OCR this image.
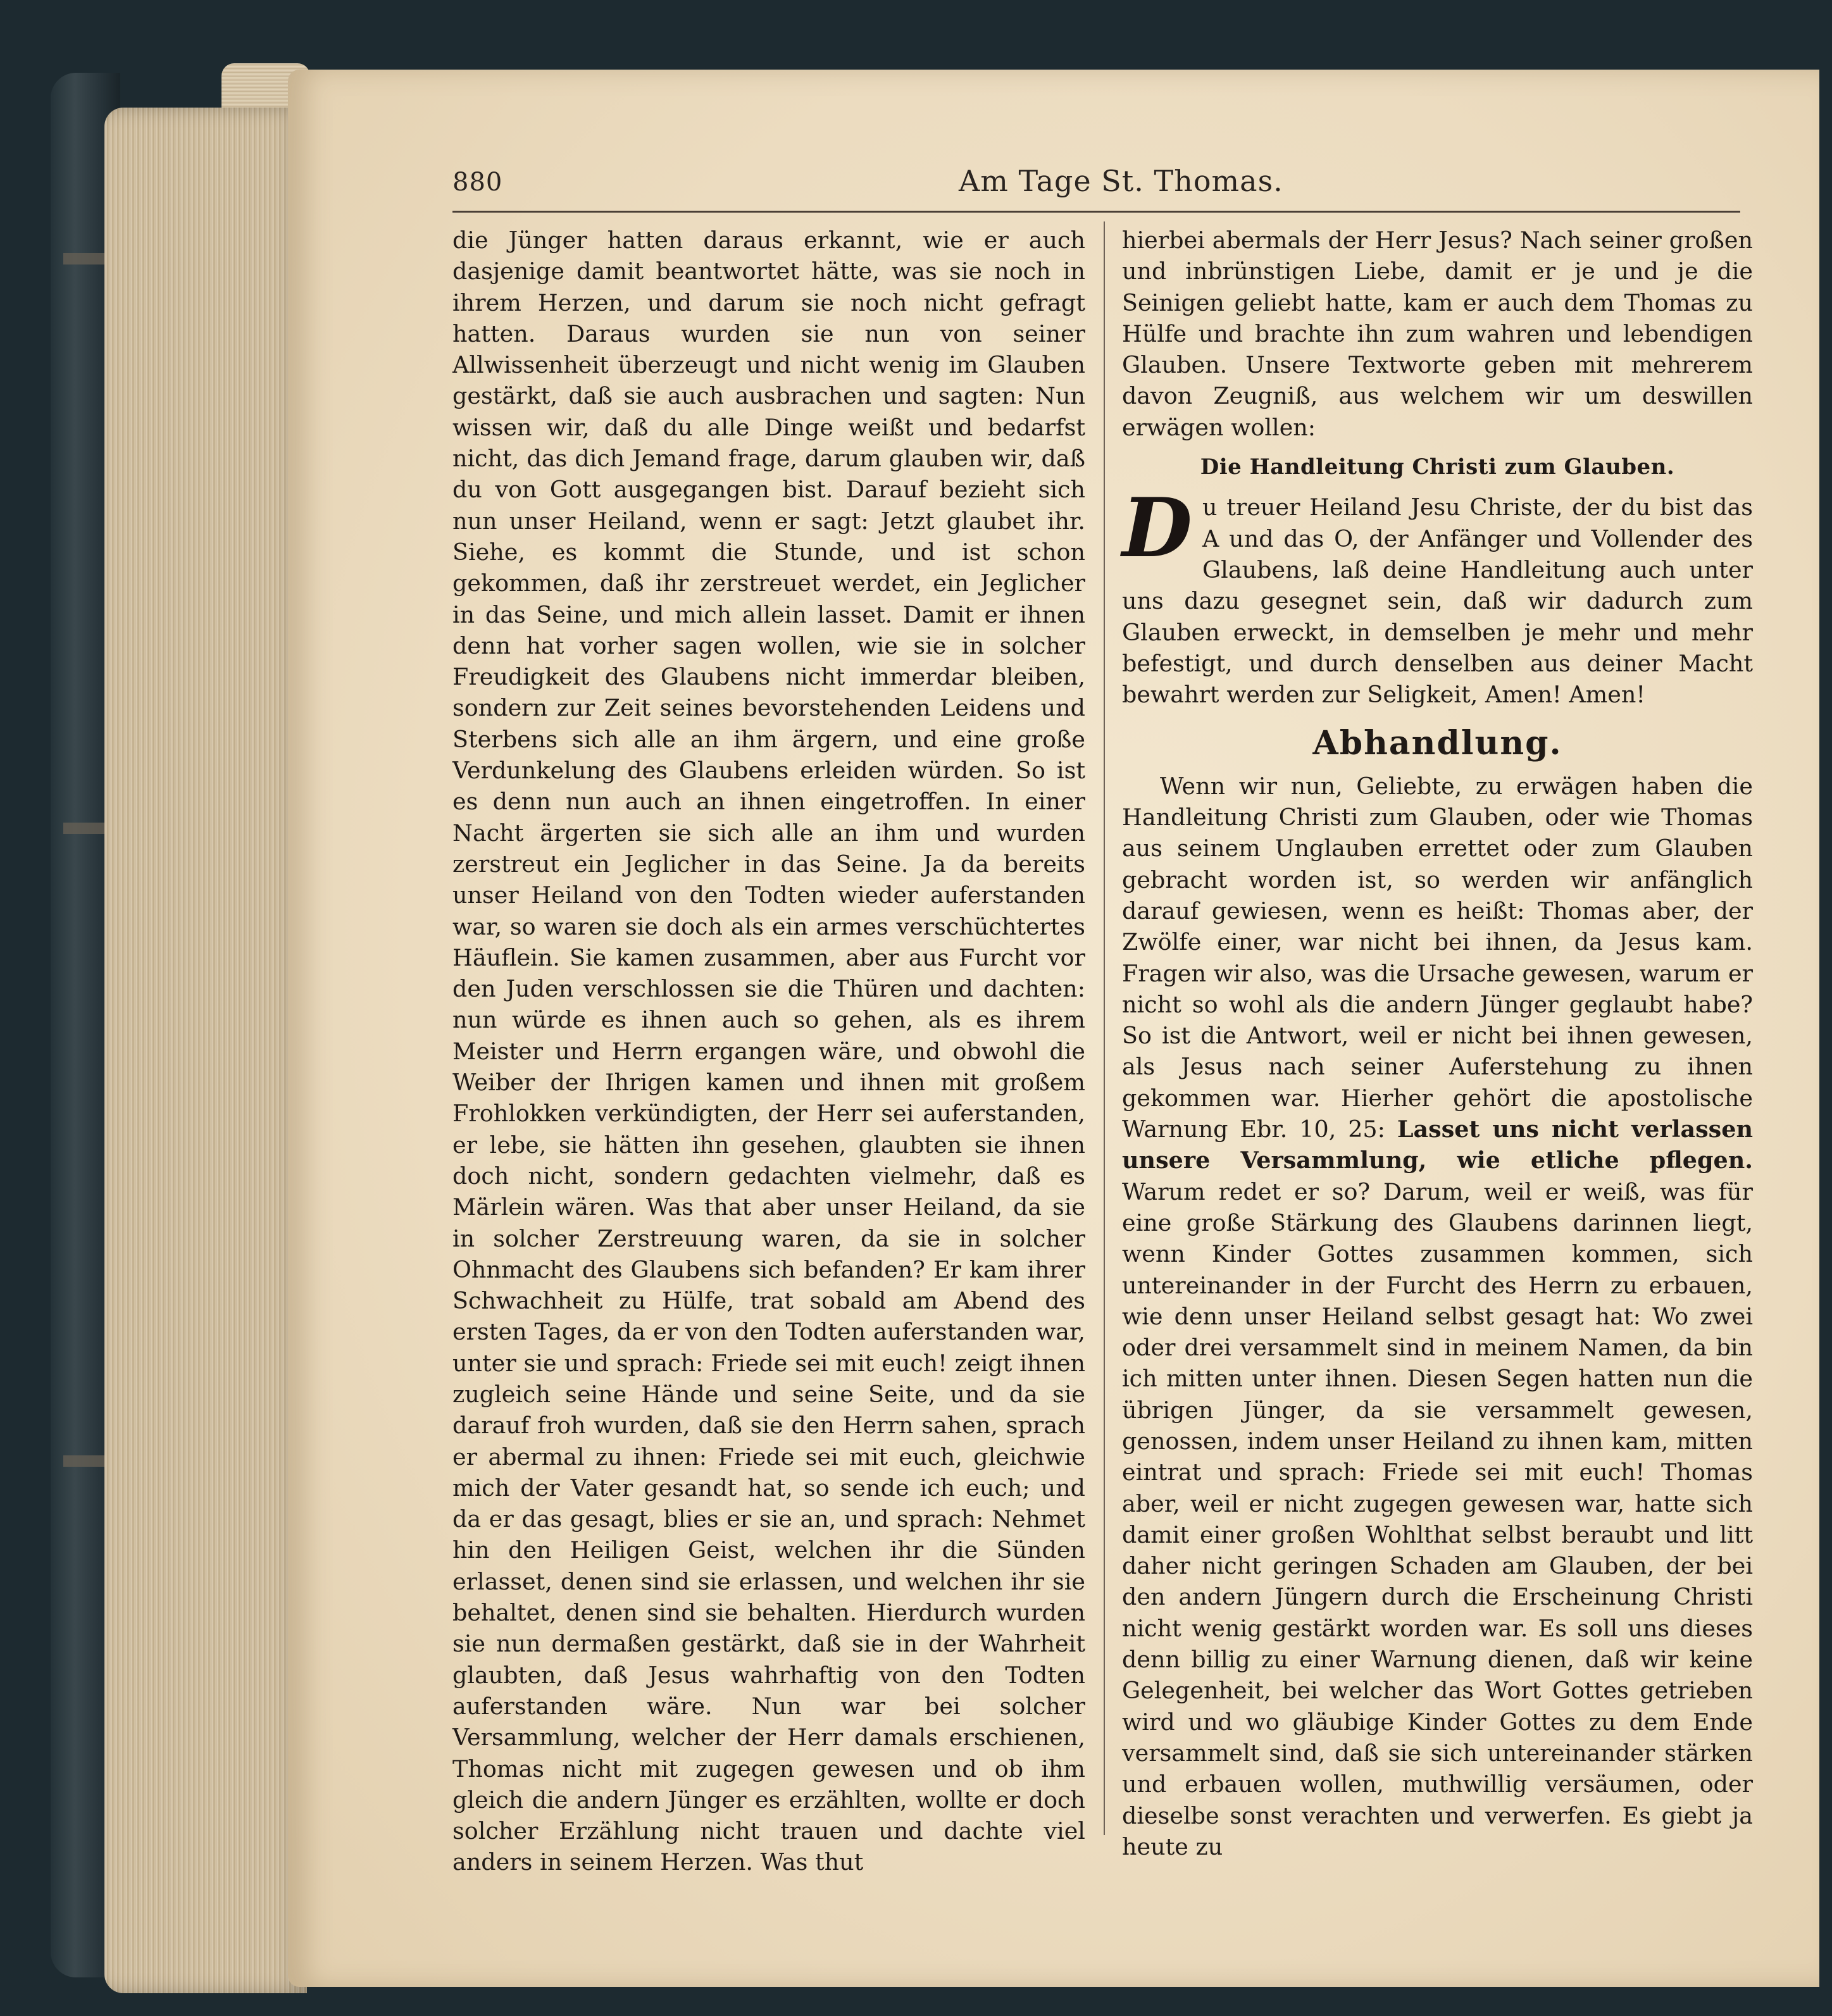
880	Am Tage St. Thomas.

die Jünger hatten daraus erkannt, wie er auch dasjenige damit beantwortet hätte, was sie noch in ihrem Herzen, und darum sie noch nicht gefragt hatten. Daraus wurden sie nun von seiner Allwissenheit überzeugt und nicht wenig im Glauben gestärkt, daß sie auch ausbrachen und sagten: Nun wissen wir, daß du alle Dinge weißt und bedarfst nicht, das dich Jemand frage, darum glauben wir, daß du von Gott ausgegangen bist. Darauf bezieht sich nun unser Heiland, wenn er sagt: Jetzt glaubet ihr. Siehe, es kommt die Stunde, und ist schon gekommen, daß ihr zerstreuet werdet, ein Jeglicher in das Seine, und mich allein lasset. Damit er ihnen denn hat vorher sagen wollen, wie sie in solcher Freudigkeit des Glaubens nicht immerdar bleiben, sondern zur Zeit seines bevorstehenden Leidens und Sterbens sich alle an ihm ärgern, und eine große Verdunkelung des Glaubens erleiden würden. So ist es denn nun auch an ihnen eingetroffen. In einer Nacht ärgerten sie sich alle an ihm und wurden zerstreut ein Jeglicher in das Seine. Ja da bereits unser Heiland von den Todten wieder auferstanden war, so waren sie doch als ein armes verschüchtertes Häuflein. Sie kamen zusammen, aber aus Furcht vor den Juden verschlossen sie die Thüren und dachten: nun würde es ihnen auch so gehen, als es ihrem Meister und Herrn ergangen wäre, und obwohl die Weiber der Ihrigen kamen und ihnen mit großem Frohlokken verkündigten, der Herr sei auferstanden, er lebe, sie hätten ihn gesehen, glaubten sie ihnen doch nicht, sondern gedachten vielmehr, daß es Märlein wären. Was that aber unser Heiland, da sie in solcher Zerstreuung waren, da sie in solcher Ohnmacht des Glaubens sich befanden? Er kam ihrer Schwachheit zu Hülfe, trat sobald am Abend des ersten Tages, da er von den Todten auferstanden war, unter sie und sprach: Friede sei mit euch! zeigt ihnen zugleich seine Hände und seine Seite, und da sie darauf froh wurden, daß sie den Herrn sahen, sprach er abermal zu ihnen: Friede sei mit euch, gleichwie mich der Vater gesandt hat, so sende ich euch; und da er das gesagt, blies er sie an, und sprach: Nehmet hin den Heiligen Geist, welchen ihr die Sünden erlasset, denen sind sie erlassen, und welchen ihr sie behaltet, denen sind sie behalten. Hierdurch wurden sie nun dermaßen gestärkt, daß sie in der Wahrheit glaubten, daß Jesus wahrhaftig von den Todten auferstanden wäre. Nun war bei solcher Versammlung, welcher der Herr damals erschienen, Thomas nicht mit zugegen gewesen und ob ihm gleich die andern Jünger es erzählten, wollte er doch solcher Erzählung nicht trauen und dachte viel anders in seinem Herzen. Was thut

hierbei abermals der Herr Jesus? Nach seiner großen und inbrünstigen Liebe, damit er je und je die Seinigen geliebt hatte, kam er auch dem Thomas zu Hülfe und brachte ihn zum wahren und lebendigen Glauben. Unsere Textworte geben mit mehrerem davon Zeugniß, aus welchem wir um deswillen erwägen wollen:

Die Handleitung Christi zum Glauben.

D u treuer Heiland Jesu Christe, der du bist das A und das O, der Anfänger und Vollender des Glaubens, laß deine Handleitung auch unter uns dazu gesegnet sein, daß wir dadurch zum Glauben erweckt, in demselben je mehr und mehr befestigt, und durch denselben aus deiner Macht bewahrt werden zur Seligkeit, Amen! Amen!

Abhandlung.

Wenn wir nun, Geliebte, zu erwägen haben die Handleitung Christi zum Glauben, oder wie Thomas aus seinem Unglauben errettet oder zum Glauben gebracht worden ist, so werden wir anfänglich darauf gewiesen, wenn es heißt: Thomas aber, der Zwölfe einer, war nicht bei ihnen, da Jesus kam. Fragen wir also, was die Ursache gewesen, warum er nicht so wohl als die andern Jünger geglaubt habe? So ist die Antwort, weil er nicht bei ihnen gewesen, als Jesus nach seiner Auferstehung zu ihnen gekommen war. Hierher gehört die apostolische Warnung Ebr. 10, 25: Lasset uns nicht verlassen unsere Versammlung, wie etliche pflegen. Warum redet er so? Darum, weil er weiß, was für eine große Stärkung des Glaubens darinnen liegt, wenn Kinder Gottes zusammen kommen, sich untereinander in der Furcht des Herrn zu erbauen, wie denn unser Heiland selbst gesagt hat: Wo zwei oder drei versammelt sind in meinem Namen, da bin ich mitten unter ihnen. Diesen Segen hatten nun die übrigen Jünger, da sie versammelt gewesen, genossen, indem unser Heiland zu ihnen kam, mitten eintrat und sprach: Friede sei mit euch! Thomas aber, weil er nicht zugegen gewesen war, hatte sich damit einer großen Wohlthat selbst beraubt und litt daher nicht geringen Schaden am Glauben, der bei den andern Jüngern durch die Erscheinung Christi nicht wenig gestärkt worden war. Es soll uns dieses denn billig zu einer Warnung dienen, daß wir keine Gelegenheit, bei welcher das Wort Gottes getrieben wird und wo gläubige Kinder Gottes zu dem Ende versammelt sind, daß sie sich untereinander stärken und erbauen wollen, muthwillig versäumen, oder dieselbe sonst verachten und verwerfen. Es giebt ja heute zu
